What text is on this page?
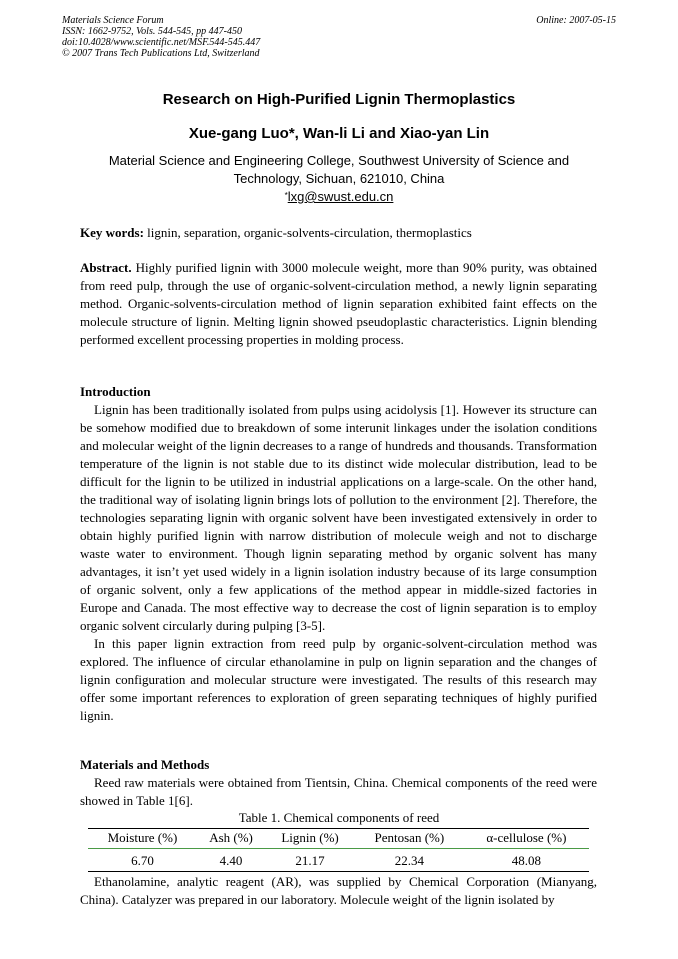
Materials Science Forum
ISSN: 1662-9752, Vols. 544-545, pp 447-450
doi:10.4028/www.scientific.net/MSF.544-545.447
© 2007 Trans Tech Publications Ltd, Switzerland
Online: 2007-05-15
Research on High-Purified Lignin Thermoplastics
Xue-gang Luo*, Wan-li Li and Xiao-yan Lin
Material Science and Engineering College, Southwest University of Science and
Technology, Sichuan, 621010, China
*lxg@swust.edu.cn
Key words: lignin, separation, organic-solvents-circulation, thermoplastics
Abstract. Highly purified lignin with 3000 molecule weight, more than 90% purity, was obtained from reed pulp, through the use of organic-solvent-circulation method, a newly lignin separating method. Organic-solvents-circulation method of lignin separation exhibited faint effects on the molecule structure of lignin. Melting lignin showed pseudoplastic characteristics. Lignin blending performed excellent processing properties in molding process.
Introduction

Lignin has been traditionally isolated from pulps using acidolysis [1]. However its structure can be somehow modified due to breakdown of some interunit linkages under the isolation conditions and molecular weight of the lignin decreases to a range of hundreds and thousands. Transformation temperature of the lignin is not stable due to its distinct wide molecular distribution, lead to be difficult for the lignin to be utilized in industrial applications on a large-scale. On the other hand, the traditional way of isolating lignin brings lots of pollution to the environment [2]. Therefore, the technologies separating lignin with organic solvent have been investigated extensively in order to obtain highly purified lignin with narrow distribution of molecule weigh and not to discharge waste water to environment. Though lignin separating method by organic solvent has many advantages, it isn’t yet used widely in a lignin isolation industry because of its large consumption of organic solvent, only a few applications of the method appear in middle-sized factories in Europe and Canada. The most effective way to decrease the cost of lignin separation is to employ organic solvent circularly during pulping [3-5].

In this paper lignin extraction from reed pulp by organic-solvent-circulation method was explored. The influence of circular ethanolamine in pulp on lignin separation and the changes of lignin configuration and molecular structure were investigated. The results of this research may offer some important references to exploration of green separating techniques of highly purified lignin.

Materials and Methods

Reed raw materials were obtained from Tientsin, China. Chemical components of the reed were showed in Table 1[6].

Table 1. Chemical components of reed
Moisture (%)	Ash (%)	Lignin (%)	Pentosan (%)	α-cellulose (%)
6.70	4.40	21.17	22.34	48.08

Ethanolamine, analytic reagent (AR), was supplied by Chemical Corporation (Mianyang, China). Catalyzer was prepared in our laboratory. Molecule weight of the lignin isolated by
